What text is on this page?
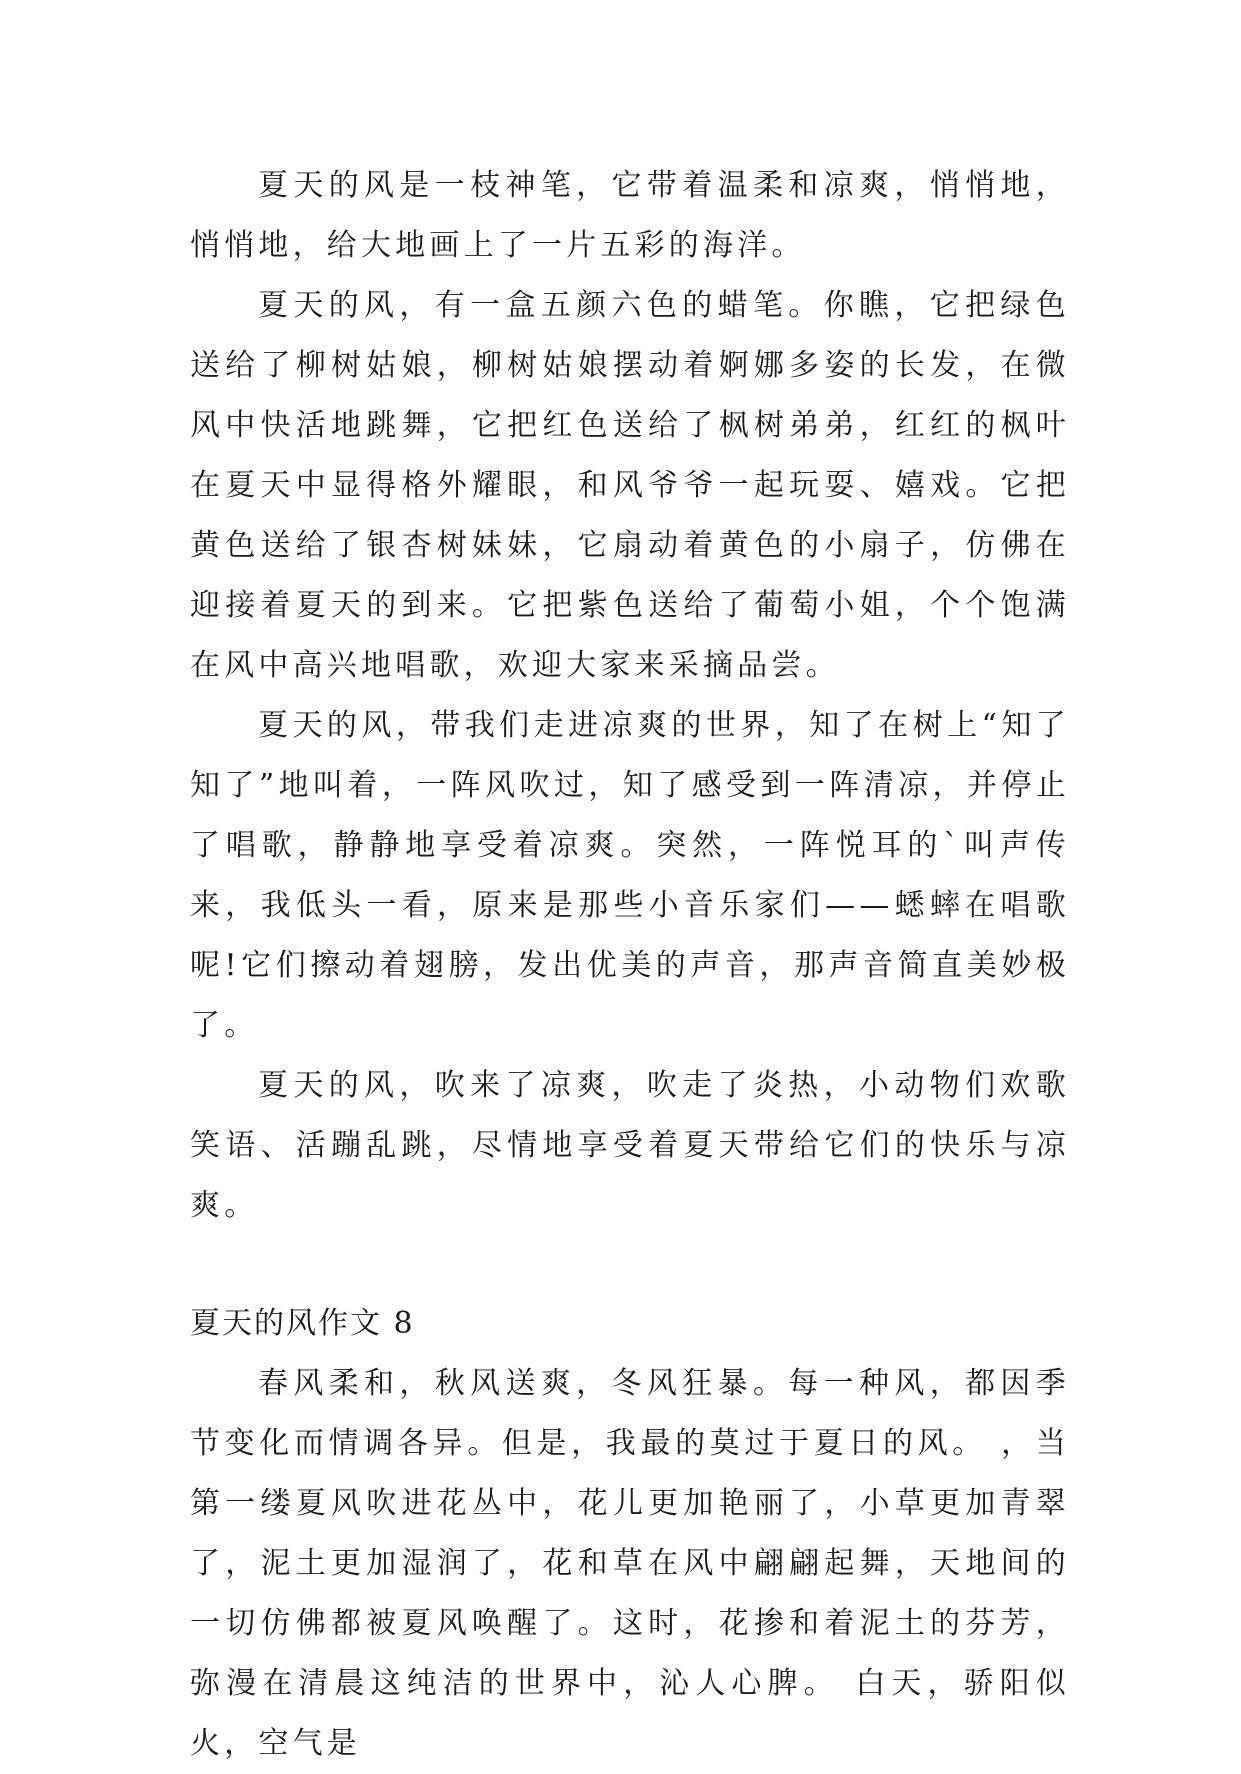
夏天的风是一枝神笔，它带着温柔和凉爽，悄悄地，悄悄地，给大地画上了一片五彩的海洋。

夏天的风，有一盒五颜六色的蜡笔。你瞧，它把绿色送给了柳树姑娘，柳树姑娘摆动着婀娜多姿的长发，在微风中快活地跳舞，它把红色送给了枫树弟弟，红红的枫叶在夏天中显得格外耀眼，和风爷爷一起玩耍、嬉戏。它把黄色送给了银杏树妹妹，它扇动着黄色的小扇子，仿佛在迎接着夏天的到来。它把紫色送给了葡萄小姐，个个饱满在风中高兴地唱歌，欢迎大家来采摘品尝。

夏天的风，带我们走进凉爽的世界，知了在树上“知了知了”地叫着，一阵风吹过，知了感受到一阵清凉，并停止了唱歌，静静地享受着凉爽。突然，一阵悦耳的`叫声传来，我低头一看，原来是那些小音乐家们——蟋蟀在唱歌呢!它们擦动着翅膀，发出优美的声音，那声音简直美妙极了。

夏天的风，吹来了凉爽，吹走了炎热，小动物们欢歌笑语、活蹦乱跳，尽情地享受着夏天带给它们的快乐与凉爽。

夏天的风作文 8

春风柔和，秋风送爽，冬风狂暴。每一种风，都因季节变化而情调各异。但是，我最的莫过于夏日的风。 ，当第一缕夏风吹进花丛中，花儿更加艳丽了，小草更加青翠了，泥土更加湿润了，花和草在风中翩翩起舞，天地间的一切仿佛都被夏风唤醒了。这时，花掺和着泥土的芬芳，弥漫在清晨这纯洁的世界中，沁人心脾。 白天，骄阳似火，空气是
